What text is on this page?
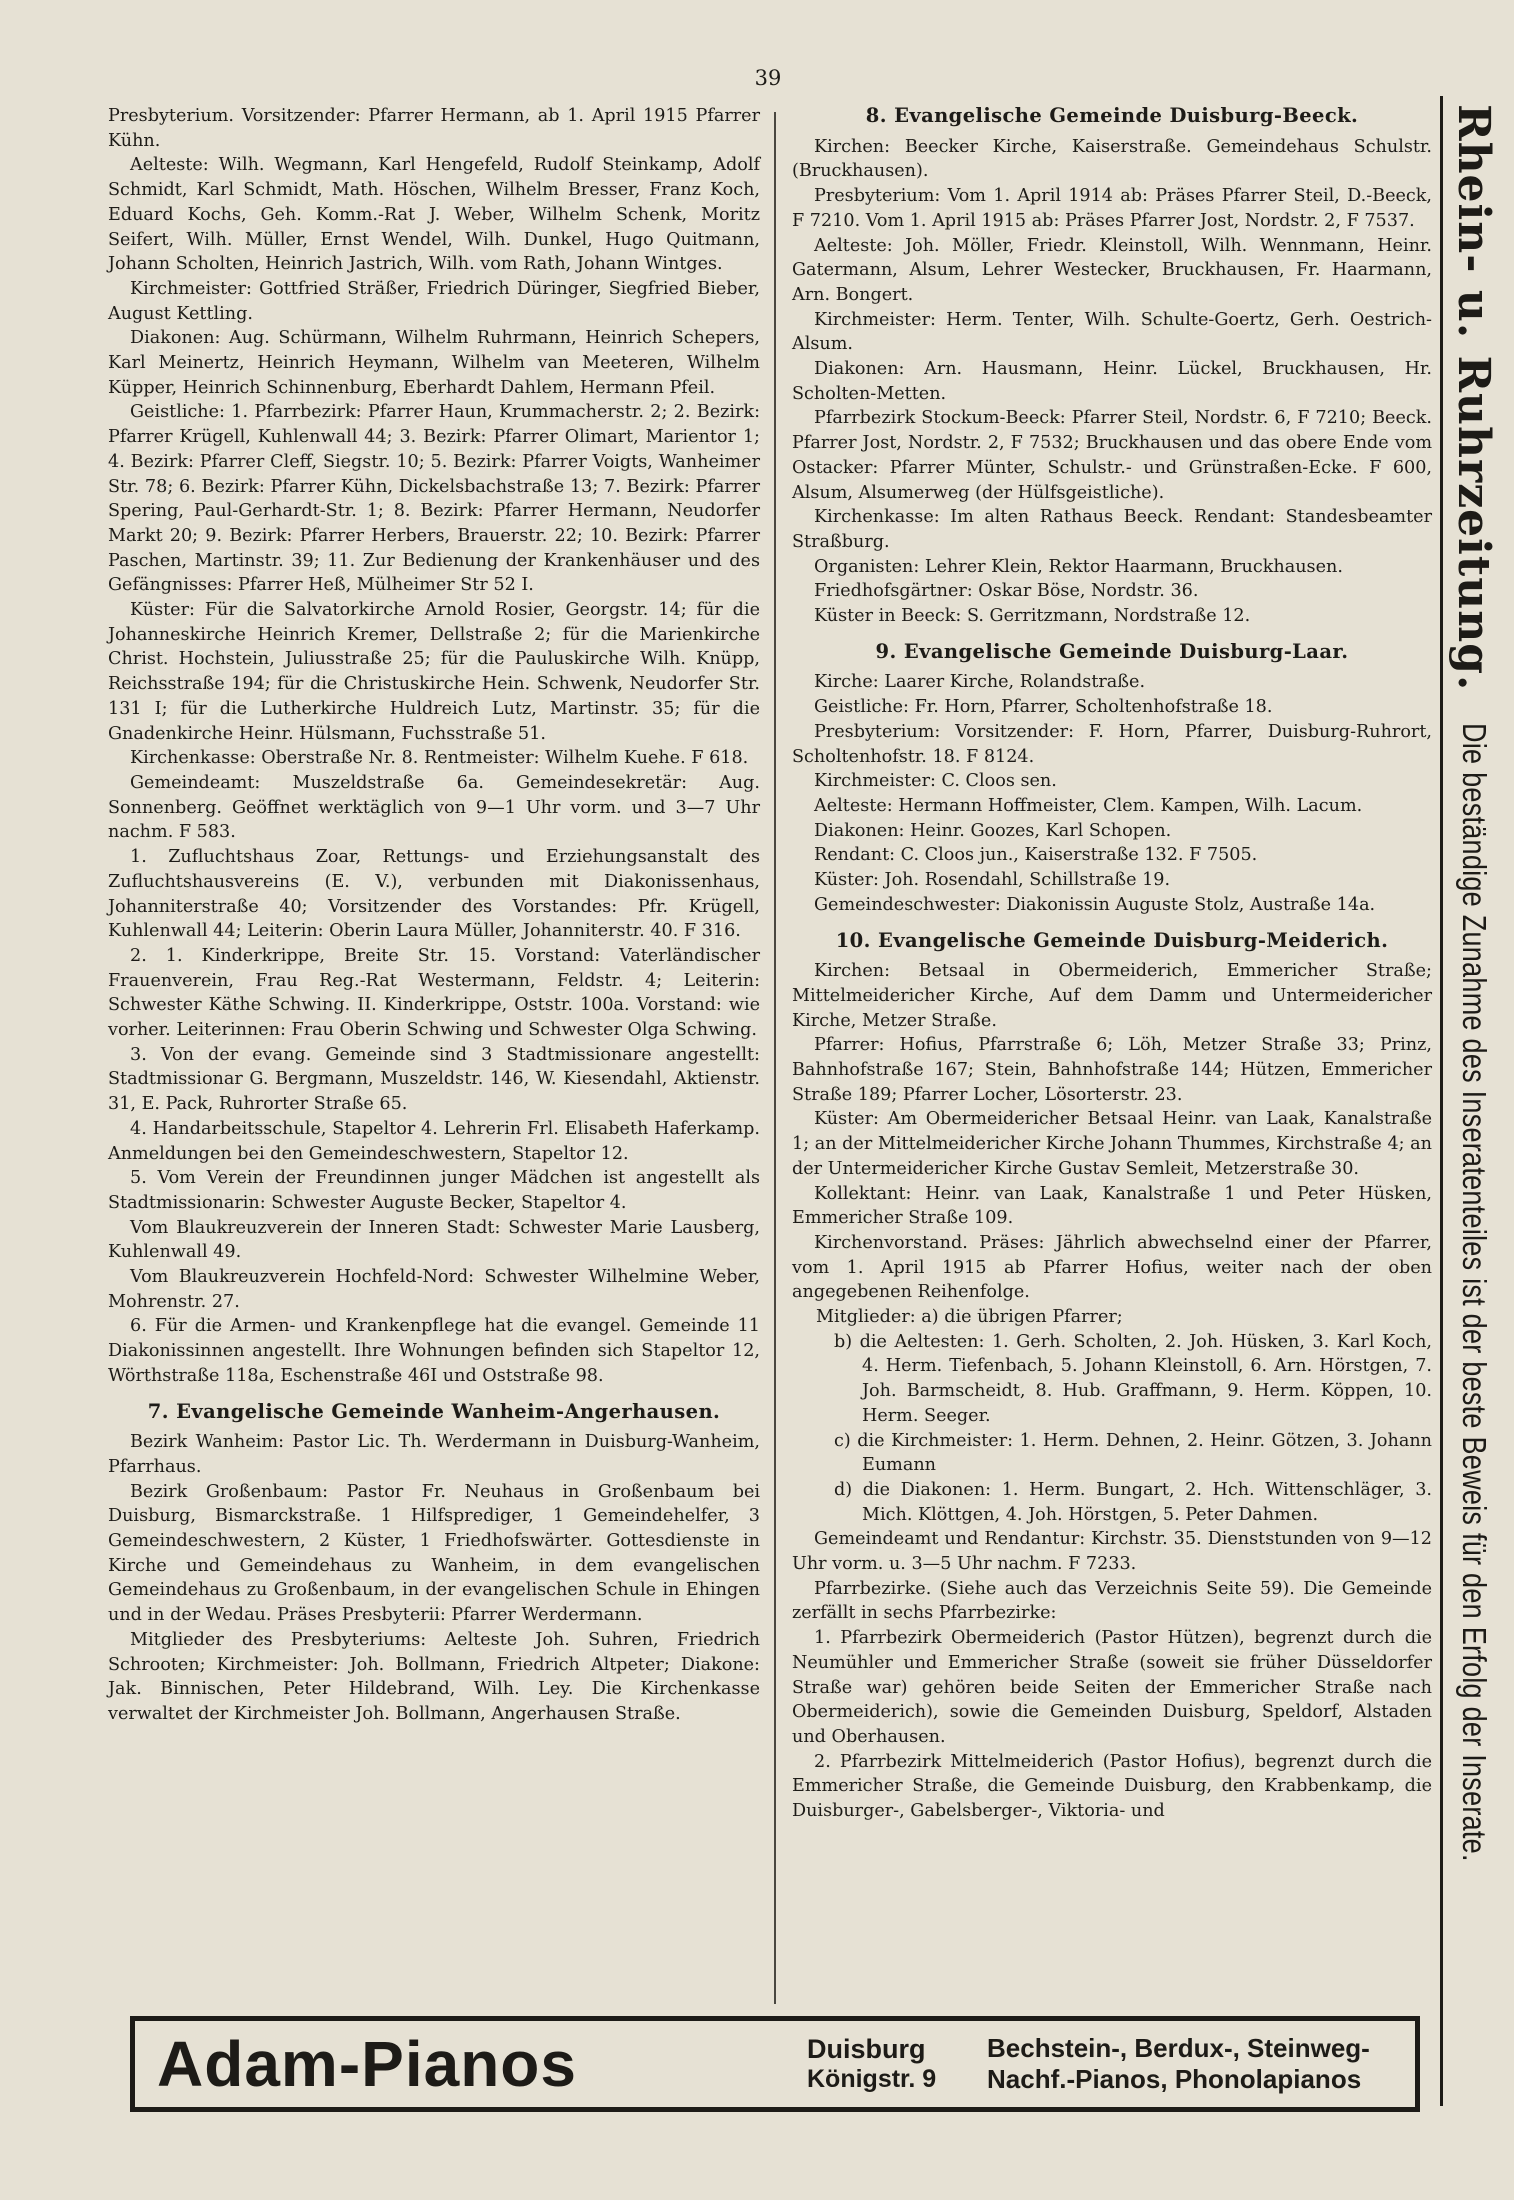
39

Presbyterium. Vorsitzender: Pfarrer Hermann, ab 1. April 1915 Pfarrer Kühn.

Aelteste: Wilh. Wegmann, Karl Hengefeld, Rudolf Steinkamp, Adolf Schmidt, Karl Schmidt, Math. Höschen, Wilhelm Bresser, Franz Koch, Eduard Kochs, Geh. Komm.-Rat J. Weber, Wilhelm Schenk, Moritz Seifert, Wilh. Müller, Ernst Wendel, Wilh. Dunkel, Hugo Quitmann, Johann Scholten, Heinrich Jastrich, Wilh. vom Rath, Johann Wintges.

Kirchmeister: Gottfried Sträßer, Friedrich Düringer, Siegfried Bieber, August Kettling.

Diakonen: Aug. Schürmann, Wilhelm Ruhrmann, Heinrich Schepers, Karl Meinertz, Heinrich Heymann, Wilhelm van Meeteren, Wilhelm Küpper, Heinrich Schinnenburg, Eberhardt Dahlem, Hermann Pfeil.

Geistliche: 1. Pfarrbezirk: Pfarrer Haun, Krummacherstr. 2; 2. Bezirk: Pfarrer Krügell, Kuhlenwall 44; 3. Bezirk: Pfarrer Olimart, Marientor 1; 4. Bezirk: Pfarrer Cleff, Siegstr. 10; 5. Bezirk: Pfarrer Voigts, Wanheimer Str. 78; 6. Bezirk: Pfarrer Kühn, Dickelsbachstraße 13; 7. Bezirk: Pfarrer Spering, Paul-Gerhardt-Str. 1; 8. Bezirk: Pfarrer Hermann, Neudorfer Markt 20; 9. Bezirk: Pfarrer Herbers, Brauerstr. 22; 10. Bezirk: Pfarrer Paschen, Martinstr. 39; 11. Zur Bedienung der Krankenhäuser und des Gefängnisses: Pfarrer Heß, Mülheimer Str 52 I.

Küster: Für die Salvatorkirche Arnold Rosier, Georgstr. 14; für die Johanneskirche Heinrich Kremer, Dellstraße 2; für die Marienkirche Christ. Hochstein, Juliusstraße 25; für die Pauluskirche Wilh. Knüpp, Reichsstraße 194; für die Christuskirche Hein. Schwenk, Neudorfer Str. 131 I; für die Lutherkirche Huldreich Lutz, Martinstr. 35; für die Gnadenkirche Heinr. Hülsmann, Fuchsstraße 51.

Kirchenkasse: Oberstraße Nr. 8. Rentmeister: Wilhelm Kuehe. F 618.

Gemeindeamt: Muszeldstraße 6a. Gemeindesekretär: Aug. Sonnenberg. Geöffnet werktäglich von 9—1 Uhr vorm. und 3—7 Uhr nachm. F 583.

1. Zufluchtshaus Zoar, Rettungs- und Erziehungsanstalt des Zufluchtshausvereins (E. V.), verbunden mit Diakonissenhaus, Johanniterstraße 40; Vorsitzender des Vorstandes: Pfr. Krügell, Kuhlenwall 44; Leiterin: Oberin Laura Müller, Johanniterstr. 40. F 316.

2. 1. Kinderkrippe, Breite Str. 15. Vorstand: Vaterländischer Frauenverein, Frau Reg.-Rat Westermann, Feldstr. 4; Leiterin: Schwester Käthe Schwing. II. Kinderkrippe, Oststr. 100a. Vorstand: wie vorher. Leiterinnen: Frau Oberin Schwing und Schwester Olga Schwing.

3. Von der evang. Gemeinde sind 3 Stadtmissionare angestellt: Stadtmissionar G. Bergmann, Muszeldstr. 146, W. Kiesendahl, Aktienstr. 31, E. Pack, Ruhrorter Straße 65.

4. Handarbeitsschule, Stapeltor 4. Lehrerin Frl. Elisabeth Haferkamp. Anmeldungen bei den Gemeindeschwestern, Stapeltor 12.

5. Vom Verein der Freundinnen junger Mädchen ist angestellt als Stadtmissionarin: Schwester Auguste Becker, Stapeltor 4.

Vom Blaukreuzverein der Inneren Stadt: Schwester Marie Lausberg, Kuhlenwall 49.

Vom Blaukreuzverein Hochfeld-Nord: Schwester Wilhelmine Weber, Mohrenstr. 27.

6. Für die Armen- und Krankenpflege hat die evangel. Gemeinde 11 Diakonissinnen angestellt. Ihre Wohnungen befinden sich Stapeltor 12, Wörthstraße 118a, Eschenstraße 46I und Oststraße 98.

7. Evangelische Gemeinde Wanheim-Angerhausen.

Bezirk Wanheim: Pastor Lic. Th. Werdermann in Duisburg-Wanheim, Pfarrhaus.

Bezirk Großenbaum: Pastor Fr. Neuhaus in Großenbaum bei Duisburg, Bismarckstraße. 1 Hilfsprediger, 1 Gemeindehelfer, 3 Gemeindeschwestern, 2 Küster, 1 Friedhofswärter. Gottesdienste in Kirche und Gemeindehaus zu Wanheim, in dem evangelischen Gemeindehaus zu Großenbaum, in der evangelischen Schule in Ehingen und in der Wedau. Präses Presbyterii: Pfarrer Werdermann.

Mitglieder des Presbyteriums: Aelteste Joh. Suhren, Friedrich Schrooten; Kirchmeister: Joh. Bollmann, Friedrich Altpeter; Diakone: Jak. Binnischen, Peter Hildebrand, Wilh. Ley. Die Kirchenkasse verwaltet der Kirchmeister Joh. Bollmann, Angerhausen Straße.

8. Evangelische Gemeinde Duisburg-Beeck.

Kirchen: Beecker Kirche, Kaiserstraße. Gemeindehaus Schulstr. (Bruckhausen).

Presbyterium: Vom 1. April 1914 ab: Präses Pfarrer Steil, D.-Beeck, F 7210. Vom 1. April 1915 ab: Präses Pfarrer Jost, Nordstr. 2, F 7537.

Aelteste: Joh. Möller, Friedr. Kleinstoll, Wilh. Wennmann, Heinr. Gatermann, Alsum, Lehrer Westecker, Bruckhausen, Fr. Haarmann, Arn. Bongert.

Kirchmeister: Herm. Tenter, Wilh. Schulte-Goertz, Gerh. Oestrich-Alsum.

Diakonen: Arn. Hausmann, Heinr. Lückel, Bruckhausen, Hr. Scholten-Metten.

Pfarrbezirk Stockum-Beeck: Pfarrer Steil, Nordstr. 6, F 7210; Beeck. Pfarrer Jost, Nordstr. 2, F 7532; Bruckhausen und das obere Ende vom Ostacker: Pfarrer Münter, Schulstr.- und Grünstraßen-Ecke. F 600, Alsum, Alsumerweg (der Hülfsgeistliche).

Kirchenkasse: Im alten Rathaus Beeck. Rendant: Standesbeamter Straßburg.

Organisten: Lehrer Klein, Rektor Haarmann, Bruckhausen.

Friedhofsgärtner: Oskar Böse, Nordstr. 36.

Küster in Beeck: S. Gerritzmann, Nordstraße 12.

9. Evangelische Gemeinde Duisburg-Laar.

Kirche: Laarer Kirche, Rolandstraße.

Geistliche: Fr. Horn, Pfarrer, Scholtenhofstraße 18.

Presbyterium: Vorsitzender: F. Horn, Pfarrer, Duisburg-Ruhrort, Scholtenhofstr. 18. F 8124.

Kirchmeister: C. Cloos sen.

Aelteste: Hermann Hoffmeister, Clem. Kampen, Wilh. Lacum.

Diakonen: Heinr. Goozes, Karl Schopen.

Rendant: C. Cloos jun., Kaiserstraße 132. F 7505.

Küster: Joh. Rosendahl, Schillstraße 19.

Gemeindeschwester: Diakonissin Auguste Stolz, Austraße 14a.

10. Evangelische Gemeinde Duisburg-Meiderich.

Kirchen: Betsaal in Obermeiderich, Emmericher Straße; Mittelmeidericher Kirche, Auf dem Damm und Untermeidericher Kirche, Metzer Straße.

Pfarrer: Hofius, Pfarrstraße 6; Löh, Metzer Straße 33; Prinz, Bahnhofstraße 167; Stein, Bahnhofstraße 144; Hützen, Emmericher Straße 189; Pfarrer Locher, Lösorterstr. 23.

Küster: Am Obermeidericher Betsaal Heinr. van Laak, Kanalstraße 1; an der Mittelmeidericher Kirche Johann Thummes, Kirchstraße 4; an der Untermeidericher Kirche Gustav Semleit, Metzerstraße 30.

Kollektant: Heinr. van Laak, Kanalstraße 1 und Peter Hüsken, Emmericher Straße 109.

Kirchenvorstand. Präses: Jährlich abwechselnd einer der Pfarrer, vom 1. April 1915 ab Pfarrer Hofius, weiter nach der oben angegebenen Reihenfolge.

Mitglieder: a) die übrigen Pfarrer;

b) die Aeltesten: 1. Gerh. Scholten, 2. Joh. Hüsken, 3. Karl Koch, 4. Herm. Tiefenbach, 5. Johann Kleinstoll, 6. Arn. Hörstgen, 7. Joh. Barmscheidt, 8. Hub. Graffmann, 9. Herm. Köppen, 10. Herm. Seeger.

c) die Kirchmeister: 1. Herm. Dehnen, 2. Heinr. Götzen, 3. Johann Eumann

d) die Diakonen: 1. Herm. Bungart, 2. Hch. Wittenschläger, 3. Mich. Klöttgen, 4. Joh. Hörstgen, 5. Peter Dahmen.

Gemeindeamt und Rendantur: Kirchstr. 35. Dienststunden von 9—12 Uhr vorm. u. 3—5 Uhr nachm. F 7233.

Pfarrbezirke. (Siehe auch das Verzeichnis Seite 59). Die Gemeinde zerfällt in sechs Pfarrbezirke:

1. Pfarrbezirk Obermeiderich (Pastor Hützen), begrenzt durch die Neumühler und Emmericher Straße (soweit sie früher Düsseldorfer Straße war) gehören beide Seiten der Emmericher Straße nach Obermeiderich), sowie die Gemeinden Duisburg, Speldorf, Alstaden und Oberhausen.

2. Pfarrbezirk Mittelmeiderich (Pastor Hofius), begrenzt durch die Emmericher Straße, die Gemeinde Duisburg, den Krabbenkamp, die Duisburger-, Gabelsberger-, Viktoria- und

Rhein- u. Ruhrzeitung.
Die beständige Zunahme des Inseratenteiles ist der beste Beweis für den Erfolg der Inserate.
Adam-Pianos	Duisburg
Königstr. 9
Bechstein-, Berdux-, Steinweg-
Nachf.-Pianos, Phonolapianos
